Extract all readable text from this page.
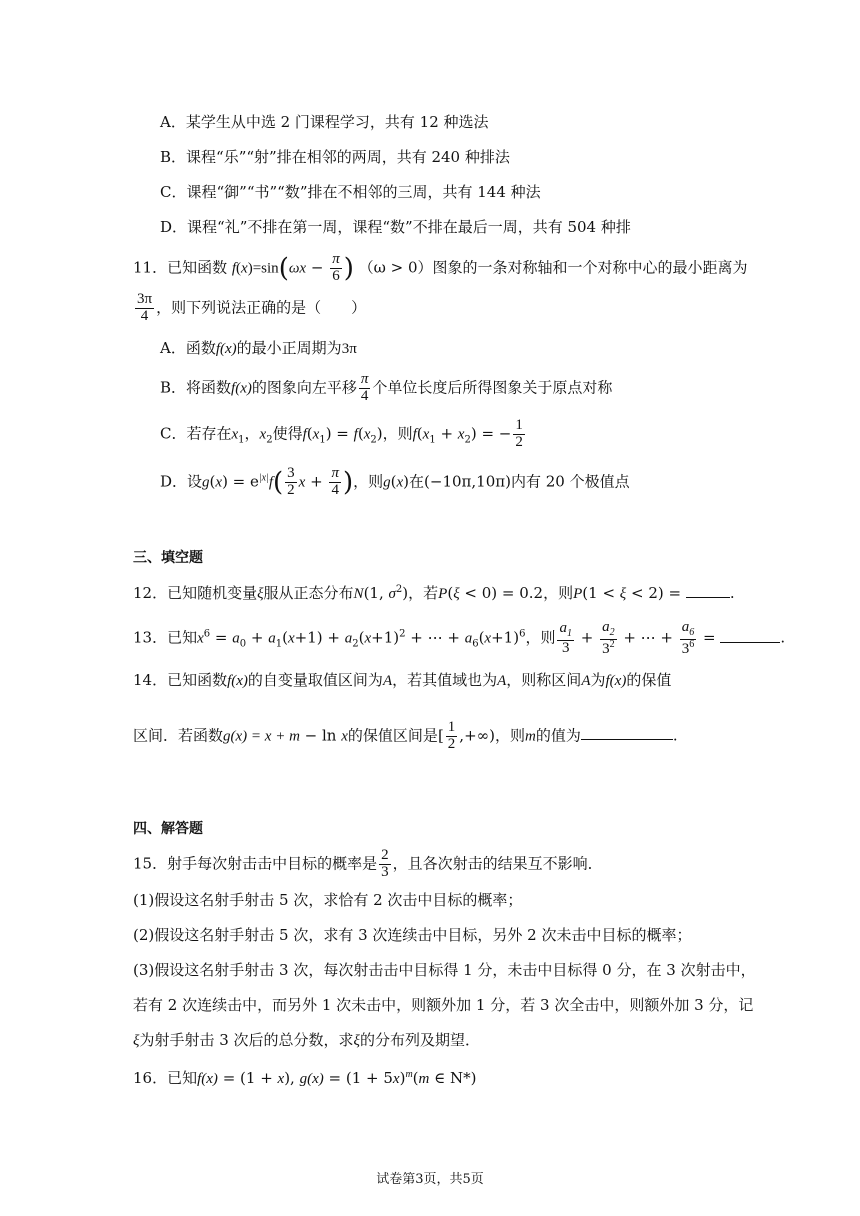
A．某学生从中选 2 门课程学习，共有 12 种选法
B．课程“乐”“射”排在相邻的两周，共有 240 种排法
C．课程“御”“书”“数”排在不相邻的三周，共有 144 种法
D．课程“礼”不排在第一周，课程“数”不排在最后一周，共有 504 种排
11．已知函数 $f(x)=\sin(\omega x - \frac{\pi}{6}$ ) （ω > 0）图象的一条对称轴和一个对称中心的最小距离为
$\frac{3\pi}{4}$ ，则下列说法正确的是（　　）
A．函数f(x)的最小正周期为3π
B．将函数f(x)的图象向左平移 $\frac{\pi}{4}$ 个单位长度后所得图象关于原点对称
C．若存在$x_1$，$x_2$使得$f(x_1) = f(x_2)$，则$f(x_1 + x_2)$ = − $\frac{1}{2}$
D．设$g(x) = e^{|x|}f( \frac{3}{2}$ $x + \frac{\pi}{4}$ )，则g(x)在(−10π,10π)内有 20 个极值点
三、填空题
12．已知随机变量ξ服从正态分布N(1, $\sigma^2$)，若P(ξ < 0) = 0.2，则P(1 < ξ < 2) =	.
13．已知$x^6 = a_0 + a_1(x+1) + a_2(x+1)^2$ + ⋯ + $a_6(x+1)^6$，则 $\frac{a_1}{3} + \frac{a_2}{3^2}$ + ⋯ + $\frac{a_6}{3^6}$ =	.
14．已知函数f(x)的自变量取值区间为A，若其值域也为A，则称区间A为f(x)的保值
区间．若函数g(x) = x + m − ln x的保值区间是[ $\frac{1}{2}$ ,+∞)，则m的值为	.
四、解答题
15．射手每次射击击中目标的概率是 $\frac{2}{3}$ ，且各次射击的结果互不影响．
(1)假设这名射手射击 5 次，求恰有 2 次击中目标的概率；
(2)假设这名射手射击 5 次，求有 3 次连续击中目标，另外 2 次未击中目标的概率；
(3)假设这名射手射击 3 次，每次射击击中目标得 1 分，未击中目标得 0 分，在 3 次射击中，
若有 2 次连续击中，而另外 1 次未击中，则额外加 1 分，若 3 次全击中，则额外加 3 分，记
ξ为射手射击 3 次后的总分数，求ξ的分布列及期望．
16．已知f(x) = (1 + x), $g(x) = (1 + 5x)^m(m$ ∈ N*)
试卷第3页，共5页
